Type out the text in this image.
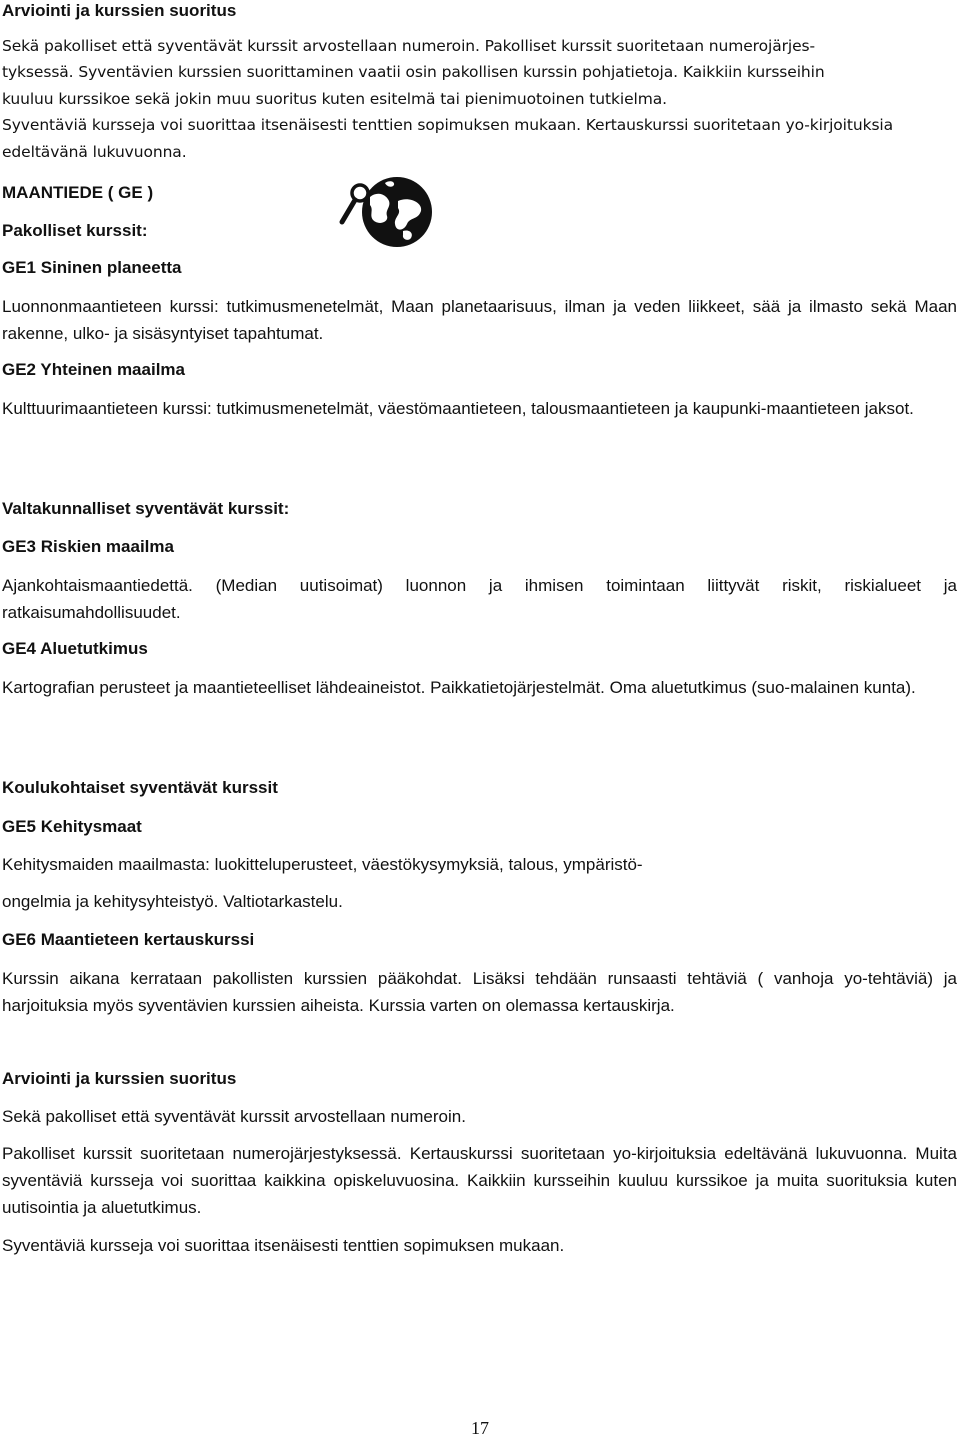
Arviointi ja kurssien suoritus
Sekä pakolliset että syventävät kurssit arvostellaan numeroin. Pakolliset kurssit suoritetaan numerojärjes-
tyksessä. Syventävien kurssien suorittaminen vaatii osin pakollisen kurssin pohjatietoja. Kaikkiin kursseihin
kuuluu kurssikoe sekä jokin muu suoritus kuten esitelmä tai pienimuotoinen tutkielma.
Syventäviä kursseja voi suorittaa itsenäisesti tenttien sopimuksen mukaan. Kertauskurssi suoritetaan yo-kirjoituksia edeltävänä lukuvuonna.
MAANTIEDE ( GE )
Pakolliset kurssit:
GE1 Sininen planeetta
Luonnonmaantieteen kurssi: tutkimusmenetelmät, Maan planetaarisuus, ilman ja veden liikkeet, sää ja ilmasto sekä Maan rakenne, ulko- ja sisäsyntyiset tapahtumat.
GE2 Yhteinen maailma
Kulttuurimaantieteen kurssi: tutkimusmenetelmät, väestömaantieteen, talousmaantieteen ja kaupunki-maantieteen jaksot.
Valtakunnalliset syventävät kurssit:
GE3 Riskien maailma
Ajankohtaismaantiedettä. (Median uutisoimat) luonnon ja ihmisen toimintaan liittyvät riskit, riskialueet ja ratkaisumahdollisuudet.
GE4 Aluetutkimus
Kartografian perusteet ja maantieteelliset lähdeaineistot. Paikkatietojärjestelmät. Oma aluetutkimus (suo-malainen kunta).
Koulukohtaiset syventävät kurssit
GE5 Kehitysmaat
Kehitysmaiden maailmasta: luokitteluperusteet, väestökysymyksiä, talous, ympäristö-
ongelmia ja kehitysyhteistyö. Valtiotarkastelu.
GE6 Maantieteen kertauskurssi
Kurssin aikana kerrataan pakollisten kurssien pääkohdat. Lisäksi tehdään runsaasti tehtäviä ( vanhoja yo-tehtäviä) ja harjoituksia myös syventävien kurssien aiheista. Kurssia varten on olemassa kertauskirja.
Arviointi ja kurssien suoritus
Sekä pakolliset että syventävät kurssit arvostellaan numeroin.
Pakolliset kurssit suoritetaan numerojärjestyksessä. Kertauskurssi suoritetaan yo-kirjoituksia edeltävänä lukuvuonna. Muita syventäviä kursseja voi suorittaa kaikkina opiskeluvuosina. Kaikkiin kursseihin kuuluu kurssikoe ja muita suorituksia kuten uutisointia ja aluetutkimus.
Syventäviä kursseja voi suorittaa itsenäisesti tenttien sopimuksen mukaan.
17
